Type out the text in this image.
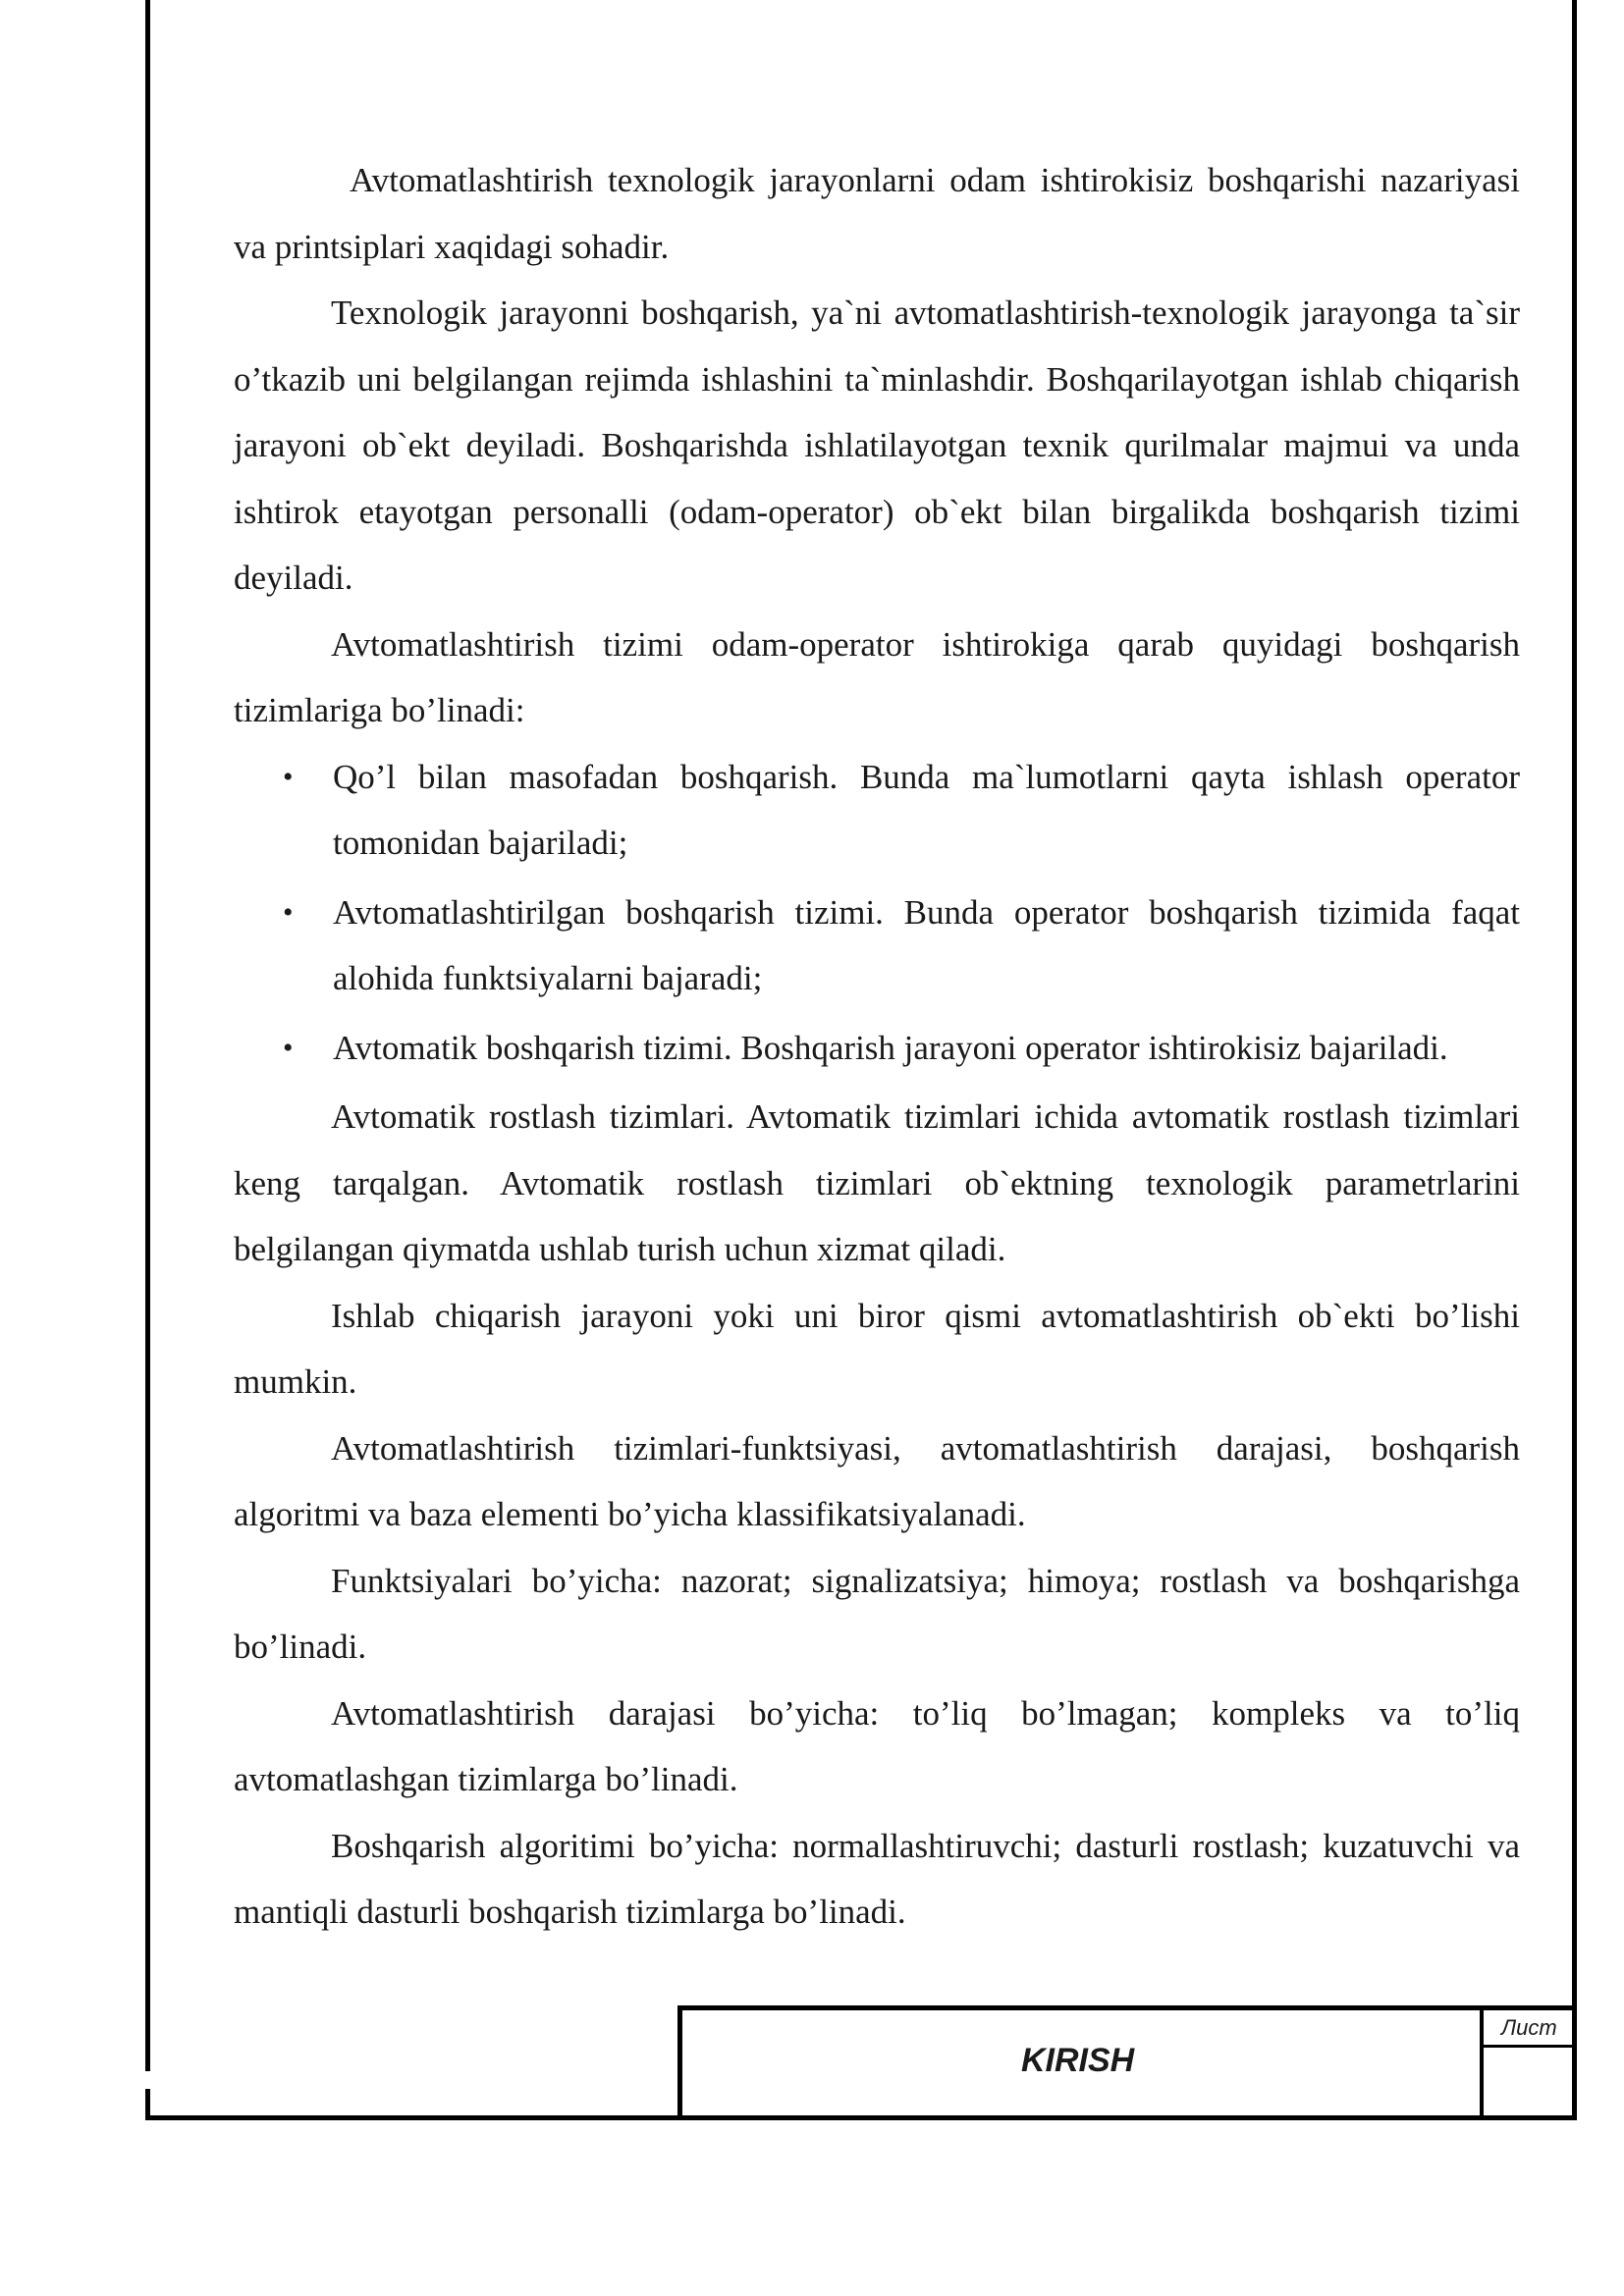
Avtomatlashtirish texnologik jarayonlarni odam ishtirokisiz boshqarishi nazariyasi va printsiplari xaqidagi sohadir.

Texnologik jarayonni boshqarish, ya`ni avtomatlashtirish-texnologik jarayonga ta`sir o’tkazib uni belgilangan rejimda ishlashini ta`minlashdir. Boshqarilayotgan ishlab chiqarish jarayoni ob`ekt deyiladi. Boshqarishda ishlatilayotgan texnik qurilmalar majmui va unda ishtirok etayotgan personalli (odam-operator) ob`ekt bilan birgalikda boshqarish tizimi deyiladi.

Avtomatlashtirish tizimi odam-operator ishtirokiga qarab quyidagi boshqarish tizimlariga bo’linadi:

• Qo’l bilan masofadan boshqarish. Bunda ma`lumotlarni qayta ishlash operator tomonidan bajariladi;
• Avtomatlashtirilgan boshqarish tizimi. Bunda operator boshqarish tizimida faqat alohida funktsiyalarni bajaradi;
• Avtomatik boshqarish tizimi. Boshqarish jarayoni operator ishtirokisiz bajariladi.

Avtomatik rostlash tizimlari. Avtomatik tizimlari ichida avtomatik rostlash tizimlari keng tarqalgan. Avtomatik rostlash tizimlari ob`ektning texnologik parametrlarini belgilangan qiymatda ushlab turish uchun xizmat qiladi.

Ishlab chiqarish jarayoni yoki uni biror qismi avtomatlashtirish ob`ekti bo’lishi mumkin.

Avtomatlashtirish tizimlari-funktsiyasi, avtomatlashtirish darajasi, boshqarish algoritmi va baza elementi bo’yicha klassifikatsiyalanadi.

Funktsiyalari bo’yicha: nazorat; signalizatsiya; himoya; rostlash va boshqarishga bo’linadi.

Avtomatlashtirish darajasi bo’yicha: to’liq bo’lmagan; kompleks va to’liq avtomatlashgan tizimlarga bo’linadi.

Boshqarish algoritimi bo’yicha: normallashtiruvchi; dasturli rostlash; kuzatuvchi va mantiqli dasturli boshqarish tizimlarga bo’linadi.

KIRISH
Лист
